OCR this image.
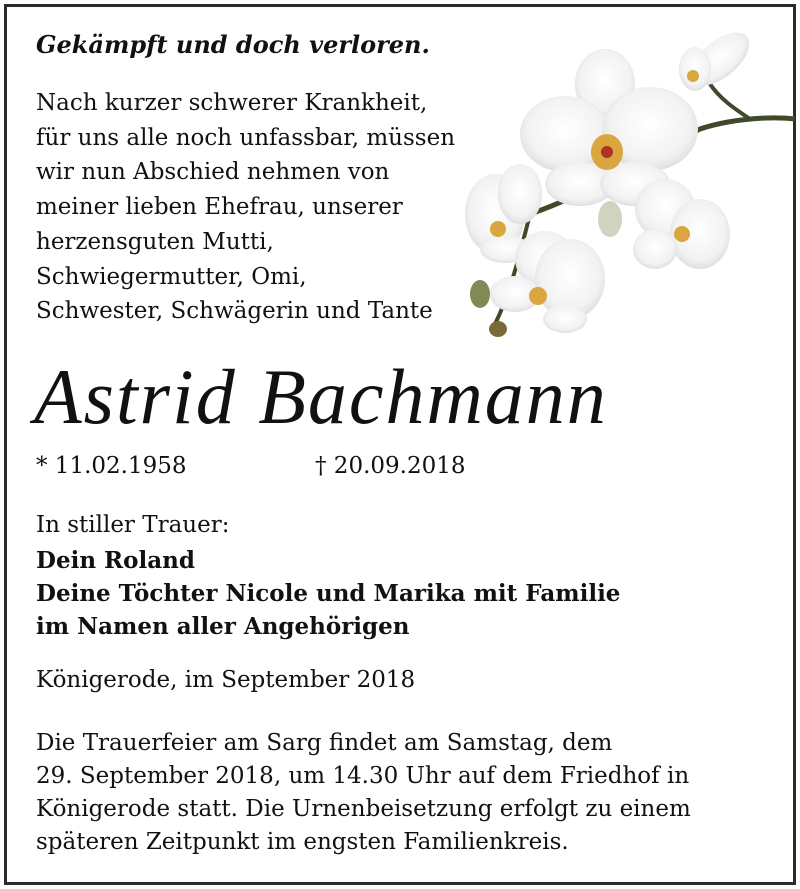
Gekämpft und doch verloren.
Nach kurzer schwerer Krankheit,
für uns alle noch unfassbar, müssen
wir nun Abschied nehmen von
meiner lieben Ehefrau, unserer
herzensguten Mutti,
Schwiegermutter, Omi,
Schwester, Schwägerin und Tante
Astrid Bachmann
* 11.02.1958	† 20.09.2018
In stiller Trauer:
Dein Roland
Deine Töchter Nicole und Marika mit Familie
im Namen aller Angehörigen
Königerode, im September 2018
Die Trauerfeier am Sarg findet am Samstag, dem
29. September 2018, um 14.30 Uhr auf dem Friedhof in
Königerode statt. Die Urnenbeisetzung erfolgt zu einem
späteren Zeitpunkt im engsten Familienkreis.
